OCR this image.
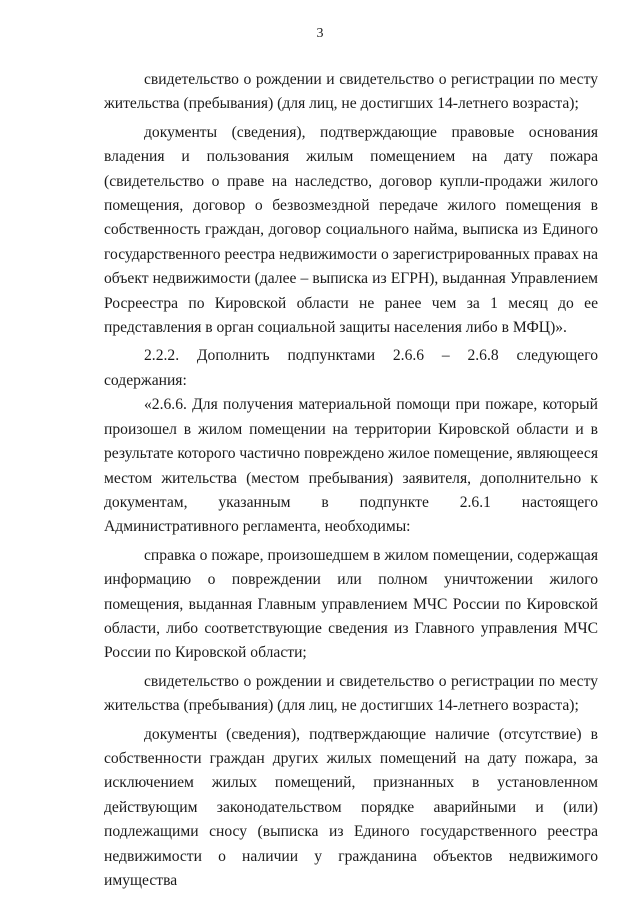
3

свидетельство о рождении и свидетельство о регистрации по месту жительства (пребывания) (для лиц, не достигших 14-летнего возраста);

документы (сведения), подтверждающие правовые основания владения и пользования жилым помещением на дату пожара (свидетельство о праве на наследство, договор купли-продажи жилого помещения, договор о безвозмездной передаче жилого помещения в собственность граждан, договор социального найма, выписка из Единого государственного реестра недвижимости о зарегистрированных правах на объект недвижимости (далее – выписка из ЕГРН), выданная Управлением Росреестра по Кировской области не ранее чем за 1 месяц до ее представления в орган социальной защиты населения либо в МФЦ)».

2.2.2. Дополнить подпунктами 2.6.6 – 2.6.8 следующего содержания:

«2.6.6. Для получения материальной помощи при пожаре, который произошел в жилом помещении на территории Кировской области и в результате которого частично повреждено жилое помещение, являющееся местом жительства (местом пребывания) заявителя, дополнительно к документам, указанным в подпункте 2.6.1 настоящего Административного регламента, необходимы:

справка о пожаре, произошедшем в жилом помещении, содержащая информацию о повреждении или полном уничтожении жилого помещения, выданная Главным управлением МЧС России по Кировской области, либо соответствующие сведения из Главного управления МЧС России по Кировской области;

свидетельство о рождении и свидетельство о регистрации по месту жительства (пребывания) (для лиц, не достигших 14-летнего возраста);

документы (сведения), подтверждающие наличие (отсутствие) в собственности граждан других жилых помещений на дату пожара, за исключением жилых помещений, признанных в установленном действующим законодательством порядке аварийными и (или) подлежащими сносу (выписка из Единого государственного реестра недвижимости о наличии у гражданина объектов недвижимого имущества
